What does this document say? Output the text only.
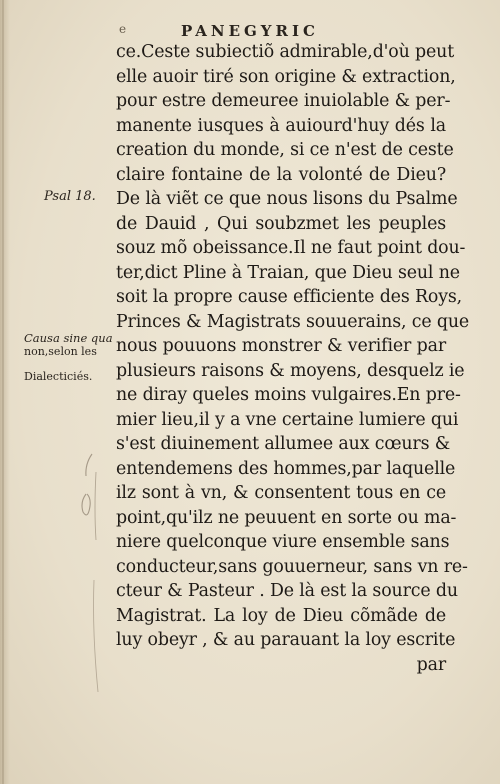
e	PANEGYRIC
Psal 18.
Causa sine qua
non,selon les
Dialecticiés.
ce.Ceste subiectiõ admirable,d'où peut
elle auoir tiré son origine & extraction,
pour estre demeuree inuiolable & per-
manente iusques à auiourd'huy dés la
creation du monde, si ce n'est de ceste
claire fontaine de la volonté de Dieu?
De là viẽt ce que nous lisons du Psalme
de Dauid , Qui soubzmet les peuples
souz mõ obeissance.Il ne faut point dou-
ter,dict Pline à Traian, que Dieu seul ne
soit la propre cause efficiente des Roys,
Princes & Magistrats souuerains, ce que
nous pouuons monstrer & verifier par
plusieurs raisons & moyens, desquelz ie
ne diray queles moins vulgaires.En pre-
mier lieu,il y a vne certaine lumiere qui
s'est diuinement allumee aux cœurs &
entendemens des hommes,par laquelle
ilz sont à vn, & consentent tous en ce
point,qu'ilz ne peuuent en sorte ou ma-
niere quelconque viure ensemble sans
conducteur,sans gouuerneur, sans vn re-
cteur & Pasteur . De là est la source du
Magistrat. La loy de Dieu cõmãde de
luy obeyr , & au parauant la loy escrite
par
